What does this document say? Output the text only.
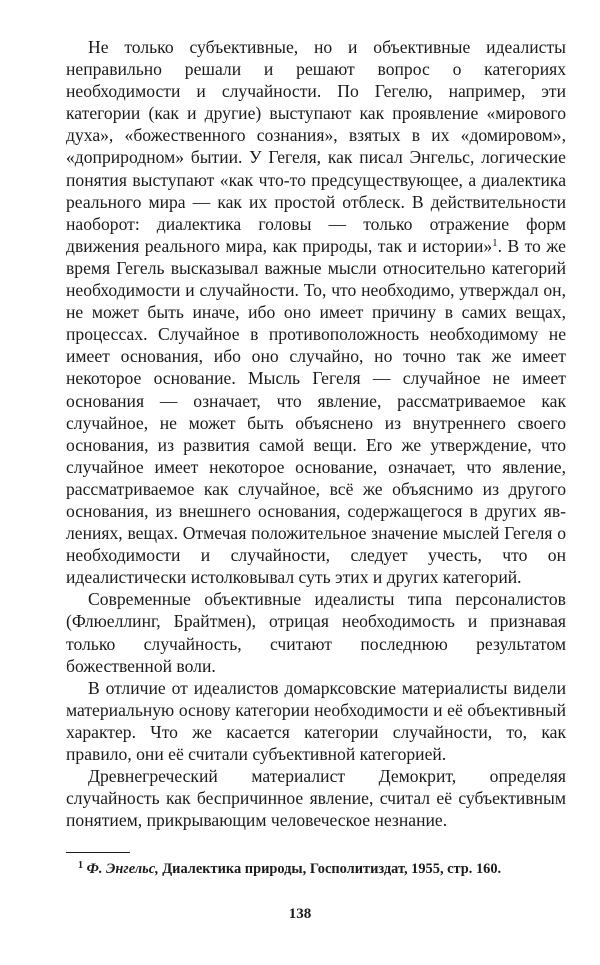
Не только субъективные, но и объективные идеалисты неправильно решали и решают вопрос о категориях необходимости и случайности. По Гегелю, например, эти категории (как и другие) выступают как проявление «мирового духа», «божественного сознания», взятых в их «домировом», «доприродном» бытии. У Гегеля, как писал Энгельс, логические понятия выступают «как что-то предсуществующее, а диалектика реального мира — как их простой отблеск. В действительности наоборот: диалектика головы — только отражение форм движения реального мира, как природы, так и истории»$^1$. В то же время Гегель высказывал важные мысли относительно категорий необходимости и случайности. То, что необходимо, утверждал он, не может быть иначе, ибо оно имеет причину в самих вещах, процессах. Случайное в противоположность необходимому не имеет основания, ибо оно случайно, но точно так же имеет некоторое основание. Мысль Гегеля — случайное не имеет основания — означает, что явление, рассматриваемое как случайное, не может быть объяснено из внутреннего своего основания, из развития самой вещи. Его же утверждение, что случайное имеет некоторое основание, означает, что явление, рассматриваемое как случайное, всё же объяснимо из другого основания, из внешнего основания, содержащегося в других явлениях, вещах. Отмечая положительное значение мыслей Гегеля о необходимости и случайности, следует учесть, что он идеалистически истолковывал суть этих и других категорий.

Современные объективные идеалисты типа персоналистов (Флюеллинг, Брайтмен), отрицая необходимость и признавая только случайность, считают последнюю результатом божественной воли.

В отличие от идеалистов домарксовские материалисты видели материальную основу категории необходимости и её объективный характер. Что же касается категории случайности, то, как правило, они её считали субъективной категорией.

Древнегреческий материалист Демокрит, определяя случайность как беспричинное явление, считал её субъективным понятием, прикрывающим человеческое незнание.

$^1$ Ф. Энгельс, Диалектика природы, Госполитиздат, 1955, стр. 160.
138
